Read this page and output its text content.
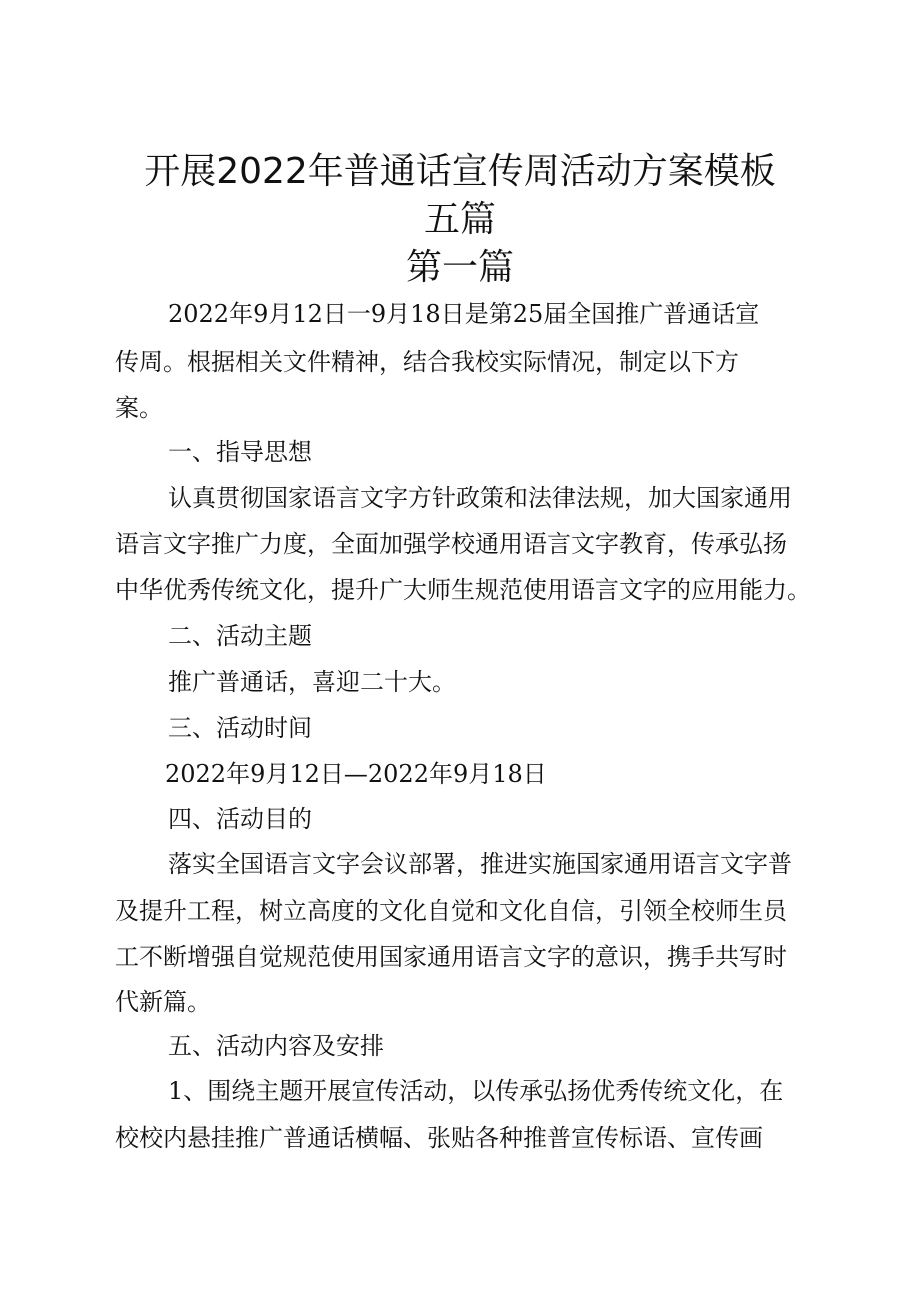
开展2022年普通话宣传周活动方案模板
五篇
第一篇
2022年9月12日一9月18日是第25届全国推广普通话宣
传周。根据相关文件精神，结合我校实际情况，制定以下方
案。
一、指导思想
认真贯彻国家语言文字方针政策和法律法规，加大国家通用
语言文字推广力度，全面加强学校通用语言文字教育，传承弘扬
中华优秀传统文化，提升广大师生规范使用语言文字的应用能力。
二、活动主题
推广普通话，喜迎二十大。
三、活动时间
2022年9月12日—2022年9月18日
四、活动目的
落实全国语言文字会议部署，推进实施国家通用语言文字普
及提升工程，树立高度的文化自觉和文化自信，引领全校师生员
工不断增强自觉规范使用国家通用语言文字的意识，携手共写时
代新篇。
五、活动内容及安排
1、围绕主题开展宣传活动，以传承弘扬优秀传统文化，在
校校内悬挂推广普通话横幅、张贴各种推普宣传标语、宣传画
